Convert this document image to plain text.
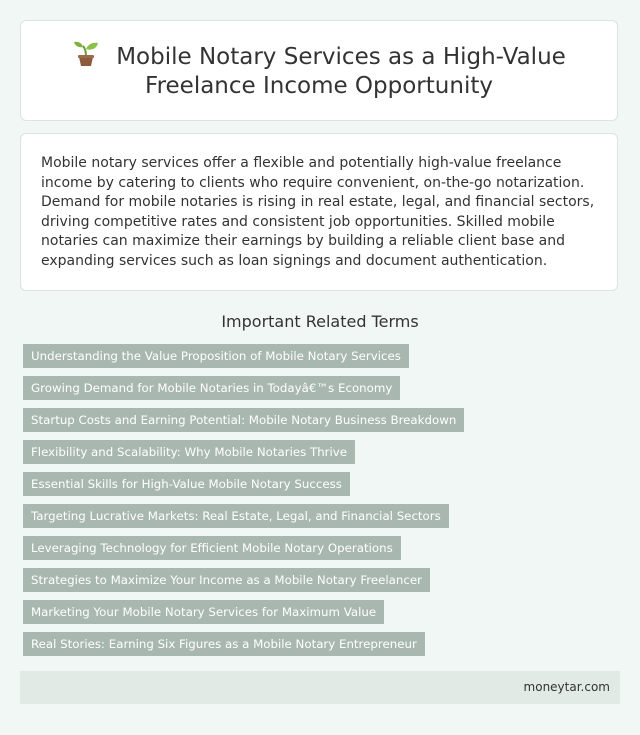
Mobile Notary Services as a High-Value Freelance Income Opportunity

Mobile notary services offer a flexible and potentially high-value freelance income by catering to clients who require convenient, on-the-go notarization. Demand for mobile notaries is rising in real estate, legal, and financial sectors, driving competitive rates and consistent job opportunities. Skilled mobile notaries can maximize their earnings by building a reliable client base and expanding services such as loan signings and document authentication.

Important Related Terms
Understanding the Value Proposition of Mobile Notary Services
Growing Demand for Mobile Notaries in Todayâ€™s Economy
Startup Costs and Earning Potential: Mobile Notary Business Breakdown
Flexibility and Scalability: Why Mobile Notaries Thrive
Essential Skills for High-Value Mobile Notary Success
Targeting Lucrative Markets: Real Estate, Legal, and Financial Sectors
Leveraging Technology for Efficient Mobile Notary Operations
Strategies to Maximize Your Income as a Mobile Notary Freelancer
Marketing Your Mobile Notary Services for Maximum Value
Real Stories: Earning Six Figures as a Mobile Notary Entrepreneur
moneytar.com
